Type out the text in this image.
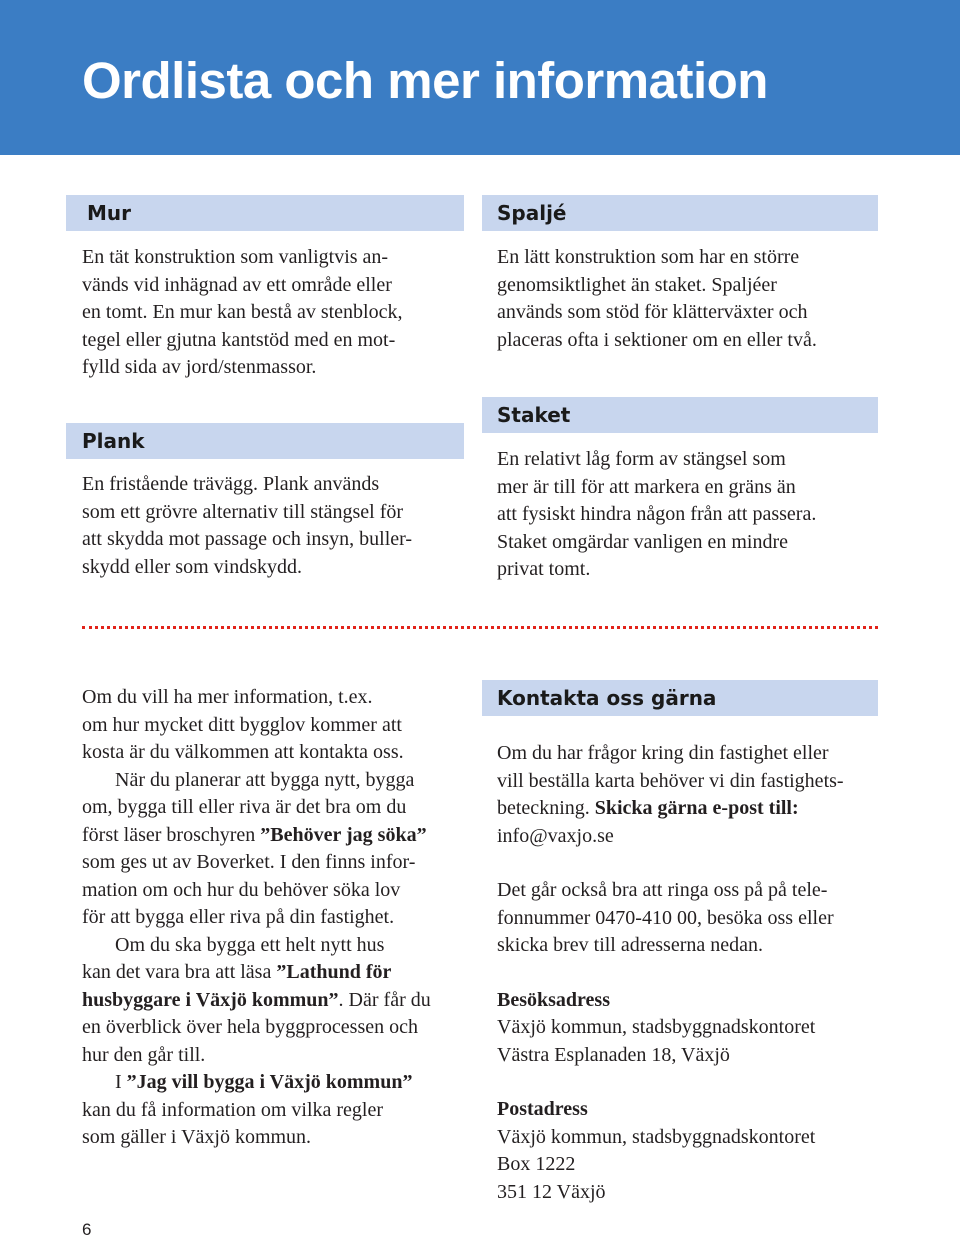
Ordlista och mer information
Mur

En tät konstruktion som vanligtvis an-
vänds vid inhägnad av ett område eller
en tomt. En mur kan bestå av stenblock,
tegel eller gjutna kantstöd med en mot-
fylld sida av jord/stenmassor.

Plank

En fristående trävägg. Plank används
som ett grövre alternativ till stängsel för
att skydda mot passage och insyn, buller-
skydd eller som vindskydd.

Spaljé

En lätt konstruktion som har en större
genomsiktlighet än staket. Spaljéer
används som stöd för klätterväxter och
placeras ofta i sektioner om en eller två.

Staket

En relativt låg form av stängsel som
mer är till för att markera en gräns än
att fysiskt hindra någon från att passera.
Staket omgärdar vanligen en mindre
privat tomt.

Om du vill ha mer information, t.ex.
om hur mycket ditt bygglov kommer att
kosta är du välkommen att kontakta oss.

När du planerar att bygga nytt, bygga
om, bygga till eller riva är det bra om du
först läser broschyren ”Behöver jag söka”
som ges ut av Boverket. I den finns infor-
mation om och hur du behöver söka lov
för att bygga eller riva på din fastighet.

Om du ska bygga ett helt nytt hus
kan det vara bra att läsa ”Lathund för
husbyggare i Växjö kommun”. Där får du
en överblick över hela byggprocessen och
hur den går till.

I ”Jag vill bygga i Växjö kommun”
kan du få information om vilka regler
som gäller i Växjö kommun.

Kontakta oss gärna

Om du har frågor kring din fastighet eller
vill beställa karta behöver vi din fastighets-
beteckning. Skicka gärna e-post till:
info@vaxjo.se

Det går också bra att ringa oss på på tele-
fonnummer 0470-410 00, besöka oss eller
skicka brev till adresserna nedan.

Besöksadress
Växjö kommun, stadsbyggnadskontoret
Västra Esplanaden 18, Växjö

Postadress
Växjö kommun, stadsbyggnadskontoret
Box 1222
351 12 Växjö

6
